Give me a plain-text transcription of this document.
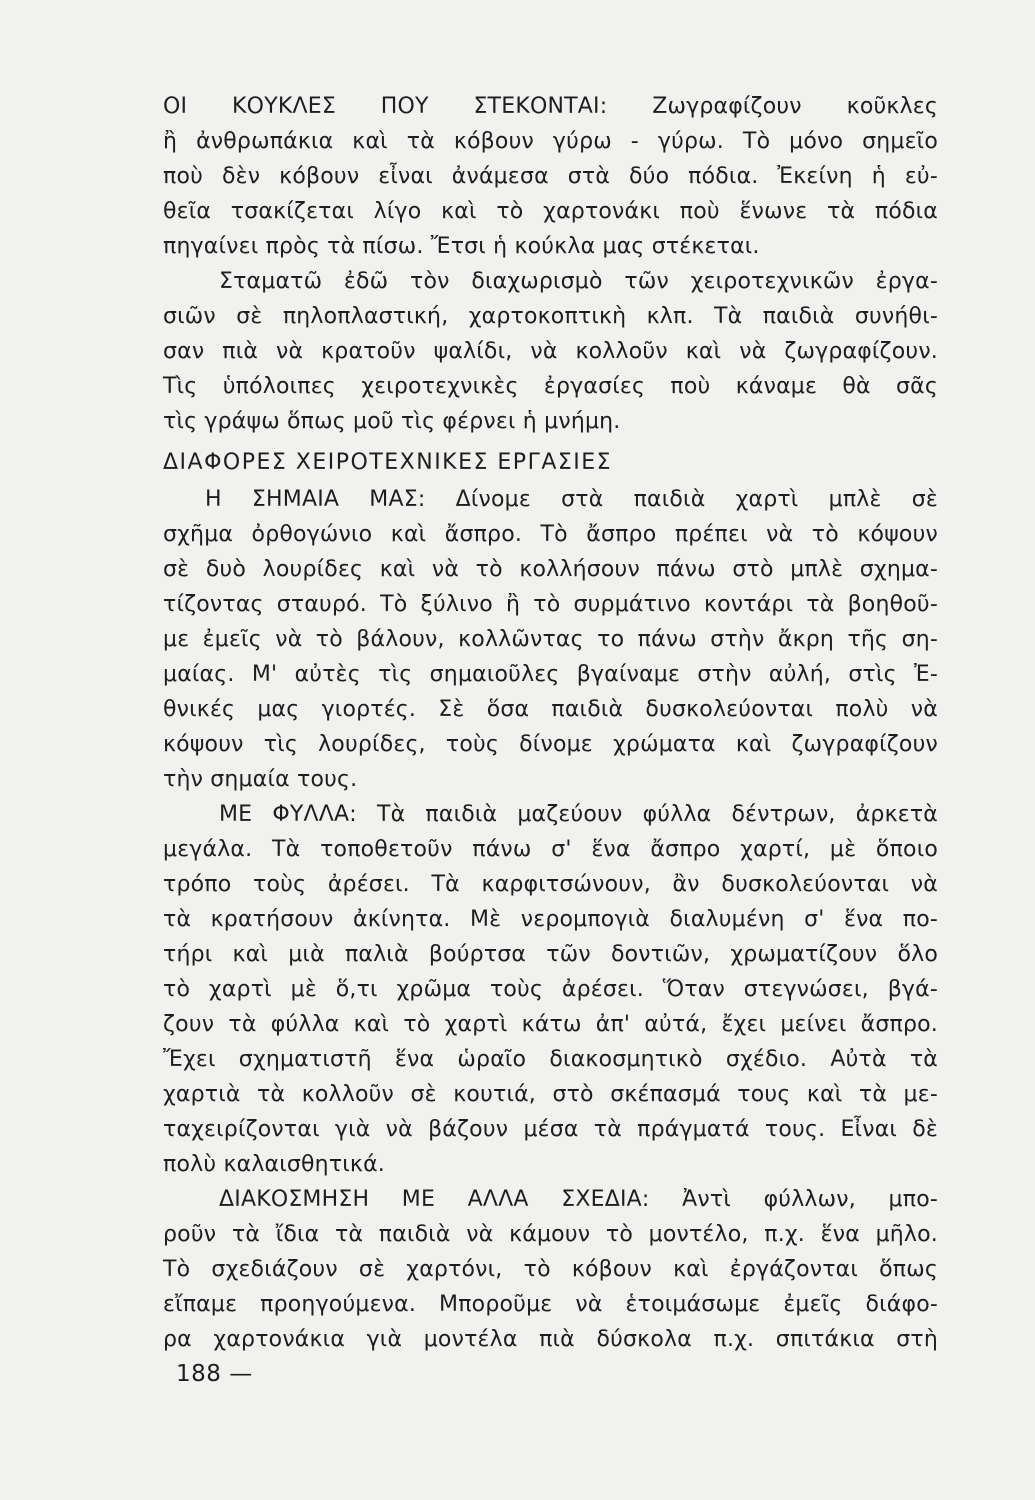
ΟΙ ΚΟΥΚΛΕΣ ΠΟΥ ΣΤΕΚΟΝΤΑΙ: Ζωγραφίζουν κοῦκλες
ἢ ἀνθρωπάκια καὶ τὰ κόβουν γύρω - γύρω. Τὸ μόνο σημεῖο
ποὺ δὲν κόβουν εἶναι ἀνάμεσα στὰ δύο πόδια. Ἐκείνη ἡ εὐ-
θεῖα τσακίζεται λίγο καὶ τὸ χαρτονάκι ποὺ ἕνωνε τὰ πόδια
πηγαίνει πρὸς τὰ πίσω. Ἔτσι ἡ κούκλα μας στέκεται.
Σταματῶ ἐδῶ τὸν διαχωρισμὸ τῶν χειροτεχνικῶν ἐργα-
σιῶν σὲ πηλοπλαστική, χαρτοκοπτικὴ κλπ. Τὰ παιδιὰ συνήθι-
σαν πιὰ νὰ κρατοῦν ψαλίδι, νὰ κολλοῦν καὶ νὰ ζωγραφίζουν.
Τὶς ὑπόλοιπες χειροτεχνικὲς ἐργασίες ποὺ κάναμε θὰ σᾶς
τὶς γράψω ὅπως μοῦ τὶς φέρνει ἡ μνήμη.
ΔΙΑΦΟΡΕΣ ΧΕΙΡΟΤΕΧΝΙΚΕΣ ΕΡΓΑΣΙΕΣ
Η ΣΗΜΑΙΑ ΜΑΣ: Δίνομε στὰ παιδιὰ χαρτὶ μπλὲ σὲ
σχῆμα ὀρθογώνιο καὶ ἄσπρο. Τὸ ἄσπρο πρέπει νὰ τὸ κόψουν
σὲ δυὸ λουρίδες καὶ νὰ τὸ κολλήσουν πάνω στὸ μπλὲ σχημα-
τίζοντας σταυρό. Τὸ ξύλινο ἢ τὸ συρμάτινο κοντάρι τὰ βοηθοῦ-
με ἐμεῖς νὰ τὸ βάλουν, κολλῶντας το πάνω στὴν ἄκρη τῆς ση-
μαίας. Μ' αὐτὲς τὶς σημαιοῦλες βγαίναμε στὴν αὐλή, στὶς Ἐ-
θνικές μας γιορτές. Σὲ ὅσα παιδιὰ δυσκολεύονται πολὺ νὰ
κόψουν τὶς λουρίδες, τοὺς δίνομε χρώματα καὶ ζωγραφίζουν
τὴν σημαία τους.
ΜΕ ΦΥΛΛΑ: Τὰ παιδιὰ μαζεύουν φύλλα δέντρων, ἀρκετὰ
μεγάλα. Τὰ τοποθετοῦν πάνω σ' ἕνα ἄσπρο χαρτί, μὲ ὅποιο
τρόπο τοὺς ἀρέσει. Τὰ καρφιτσώνουν, ἂν δυσκολεύονται νὰ
τὰ κρατήσουν ἀκίνητα. Μὲ νερομπογιὰ διαλυμένη σ' ἕνα πο-
τήρι καὶ μιὰ παλιὰ βούρτσα τῶν δοντιῶν, χρωματίζουν ὅλο
τὸ χαρτὶ μὲ ὅ,τι χρῶμα τοὺς ἀρέσει. Ὅταν στεγνώσει, βγά-
ζουν τὰ φύλλα καὶ τὸ χαρτὶ κάτω ἀπ' αὐτά, ἔχει μείνει ἄσπρο.
Ἔχει σχηματιστῆ ἕνα ὡραῖο διακοσμητικὸ σχέδιο. Αὐτὰ τὰ
χαρτιὰ τὰ κολλοῦν σὲ κουτιά, στὸ σκέπασμά τους καὶ τὰ με-
ταχειρίζονται γιὰ νὰ βάζουν μέσα τὰ πράγματά τους. Εἶναι δὲ
πολὺ καλαισθητικά.
ΔΙΑΚΟΣΜΗΣΗ ΜΕ ΑΛΛΑ ΣΧΕΔΙΑ: Ἀντὶ φύλλων, μπο-
ροῦν τὰ ἴδια τὰ παιδιὰ νὰ κάμουν τὸ μοντέλο, π.χ. ἕνα μῆλο.
Τὸ σχεδιάζουν σὲ χαρτόνι, τὸ κόβουν καὶ ἐργάζονται ὅπως
εἴπαμε προηγούμενα. Μποροῦμε νὰ ἑτοιμάσωμε ἐμεῖς διάφο-
ρα χαρτονάκια γιὰ μοντέλα πιὰ δύσκολα π.χ. σπιτάκια στὴ
188 —
